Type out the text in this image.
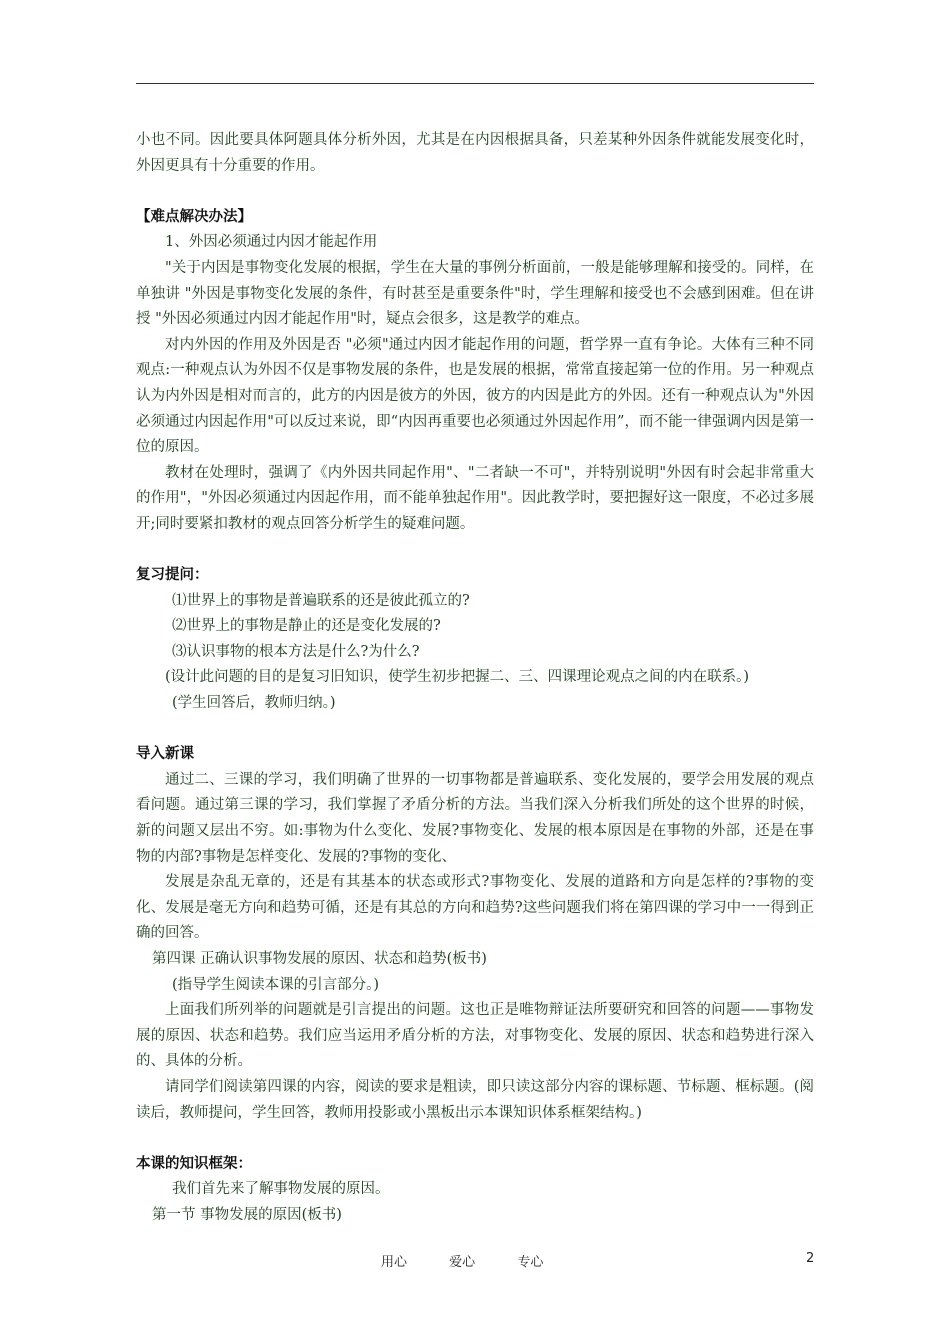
小也不同。因此要具体阿题具体分析外因，尤其是在内因根据具备，只差某种外因条件就能发展变化时，外因更具有十分重要的作用。

【难点解决办法】

1、外因必须通过内因才能起作用

"关于内因是事物变化发展的根据，学生在大量的事例分析面前，一般是能够理解和接受的。同样，在单独讲 "外因是事物变化发展的条件，有时甚至是重要条件"时，学生理解和接受也不会感到困难。但在讲授 "外因必须通过内因才能起作用"时，疑点会很多，这是教学的难点。

对内外因的作用及外因是否 "必须"通过内因才能起作用的问题，哲学界一直有争论。大体有三种不同观点:一种观点认为外因不仅是事物发展的条件，也是发展的根据，常常直接起第一位的作用。另一种观点认为内外因是相对而言的，此方的内因是彼方的外因，彼方的内因是此方的外因。还有一种观点认为"外因必须通过内因起作用"可以反过来说，即“内因再重要也必须通过外因起作用”，而不能一律强调内因是第一位的原因。

教材在处理时，强调了《内外因共同起作用"、"二者缺一不可"，并特别说明"外因有时会起非常重大的作用"，"外因必须通过内因起作用，而不能单独起作用"。因此教学时，要把握好这一限度，不必过多展开;同时要紧扣教材的观点回答分析学生的疑难问题。

复习提问：

⑴世界上的事物是普遍联系的还是彼此孤立的?

⑵世界上的事物是静止的还是变化发展的?

⑶认识事物的根本方法是什么?为什么?

(设计此问题的目的是复习旧知识，使学生初步把握二、三、四课理论观点之间的内在联系。)

(学生回答后，教师归纳。)

导入新课

通过二、三课的学习，我们明确了世界的一切事物都是普遍联系、变化发展的，要学会用发展的观点看问题。通过第三课的学习，我们掌握了矛盾分析的方法。当我们深入分析我们所处的这个世界的时候，新的问题又层出不穷。如:事物为什么变化、发展?事物变化、发展的根本原因是在事物的外部，还是在事物的内部?事物是怎样变化、发展的?事物的变化、

发展是杂乱无章的，还是有其基本的状态或形式?事物变化、发展的道路和方向是怎样的?事物的变化、发展是毫无方向和趋势可循，还是有其总的方向和趋势?这些问题我们将在第四课的学习中一一得到正确的回答。

第四课 正确认识事物发展的原因、状态和趋势(板书)

(指导学生阅读本课的引言部分。)

上面我们所列举的问题就是引言提出的问题。这也正是唯物辩证法所要研究和回答的问题——事物发展的原因、状态和趋势。我们应当运用矛盾分析的方法，对事物变化、发展的原因、状态和趋势进行深入的、具体的分析。

请同学们阅读第四课的内容，阅读的要求是粗读，即只读这部分内容的课标题、节标题、框标题。(阅读后，教师提问，学生回答，教师用投影或小黑板出示本课知识体系框架结构。)

本课的知识框架：

我们首先来了解事物发展的原因。

第一节 事物发展的原因(板书)

用心	爱心	专心	2
